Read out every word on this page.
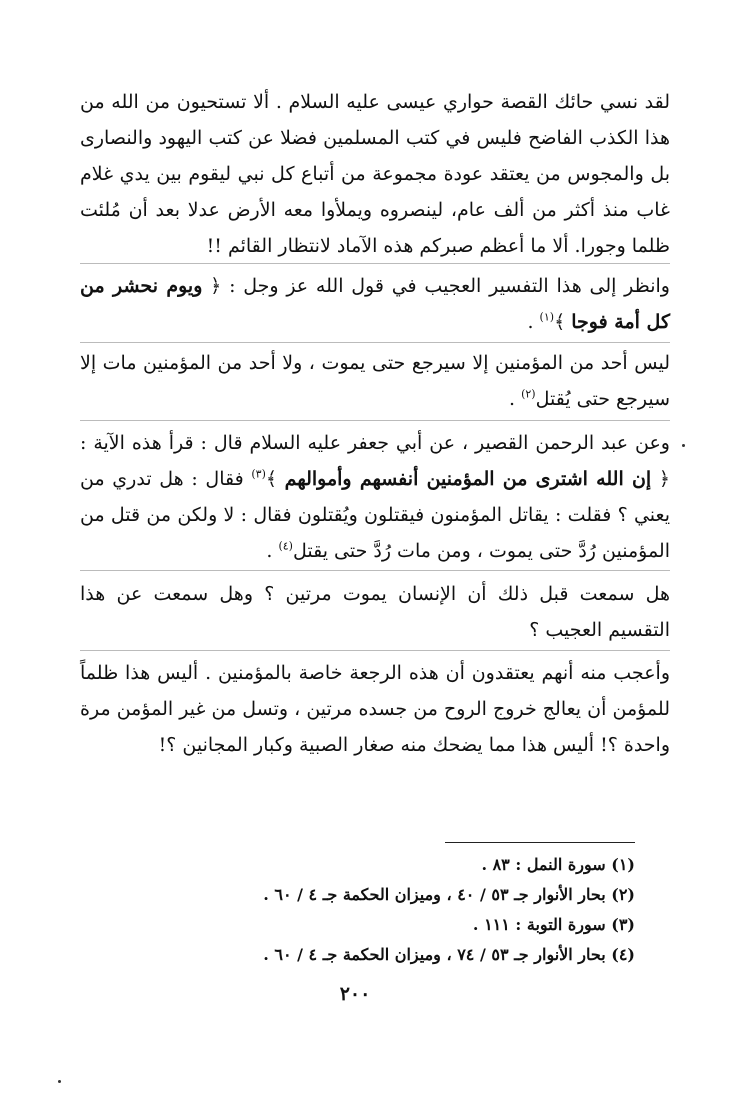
لقد نسي حائك القصة حواري عيسى عليه السلام . ألا تستحيون من الله من هذا الكذب الفاضح فليس في كتب المسلمين فضلا عن كتب اليهود والنصارى بل والمجوس من يعتقد عودة مجموعة من أتباع كل نبي ليقوم بين يدي غلام غاب منذ أكثر من ألف عام، لينصروه ويملأوا معه الأرض عدلا بعد أن مُلئت ظلما وجورا. ألا ما أعظم صبركم هذه الآماد لانتظار القائم !!
وانظر إلى هذا التفسير العجيب في قول الله عز وجل : ﴿ ويوم نحشر من كل أمة فوجا ﴾$^{(١)}$ .
ليس أحد من المؤمنين إلا سيرجع حتى يموت ، ولا أحد من المؤمنين مات إلا سيرجع حتى يُقتل$^{(٢)}$ .
وعن عبد الرحمن القصير ، عن أبي جعفر عليه السلام قال : قرأ هذه الآية : ﴿ إن الله اشترى من المؤمنين أنفسهم وأموالهم ﴾$^{(٣)}$ فقال : هل تدري من يعني ؟ فقلت : يقاتل المؤمنون فيقتلون ويُقتلون فقال : لا ولكن من قتل من المؤمنين رُدَّ حتى يموت ، ومن مات رُدَّ حتى يقتل$^{(٤)}$ .
هل سمعت قبل ذلك أن الإنسان يموت مرتين ؟ وهل سمعت عن هذا التقسيم العجيب ؟
وأعجب منه أنهم يعتقدون أن هذه الرجعة خاصة بالمؤمنين . أليس هذا ظلماً للمؤمن أن يعالج خروج الروح من جسده مرتين ، وتسل من غير المؤمن مرة واحدة ؟! أليس هذا مما يضحك منه صغار الصبية وكبار المجانين ؟!
(١) سورة النمل : ٨٣ .
(٢) بحار الأنوار جـ ٥٣ / ٤٠ ، وميزان الحكمة جـ ٤ / ٦٠ .
(٣) سورة التوبة : ١١١ .
(٤) بحار الأنوار جـ ٥٣ / ٧٤ ، وميزان الحكمة جـ ٤ / ٦٠ .
٢٠٠
